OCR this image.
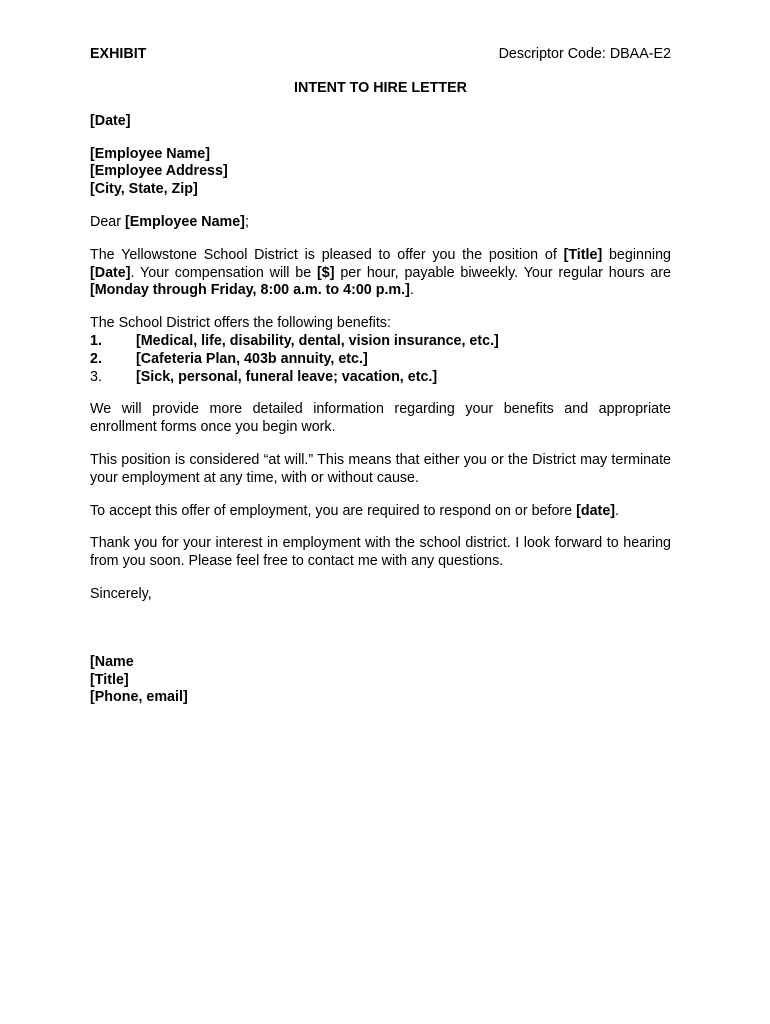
EXHIBIT	Descriptor Code: DBAA-E2
INTENT TO HIRE LETTER

[Date]

[Employee Name]

[Employee Address]

[City, State, Zip]

Dear [Employee Name];

The Yellowstone School District is pleased to offer you the position of [Title] beginning [Date]. Your compensation will be [$] per hour, payable biweekly. Your regular hours are [Monday through Friday, 8:00 a.m. to 4:00 p.m.].

The School District offers the following benefits:

1.	[Medical, life, disability, dental, vision insurance, etc.]
2.	[Cafeteria Plan, 403b annuity, etc.]
3.	[Sick, personal, funeral leave; vacation, etc.]

We will provide more detailed information regarding your benefits and appropriate enrollment forms once you begin work.

This position is considered “at will.” This means that either you or the District may terminate your employment at any time, with or without cause.

To accept this offer of employment, you are required to respond on or before [date].

Thank you for your interest in employment with the school district. I look forward to hearing from you soon. Please feel free to contact me with any questions.

Sincerely,

[Name

[Title]

[Phone, email]
